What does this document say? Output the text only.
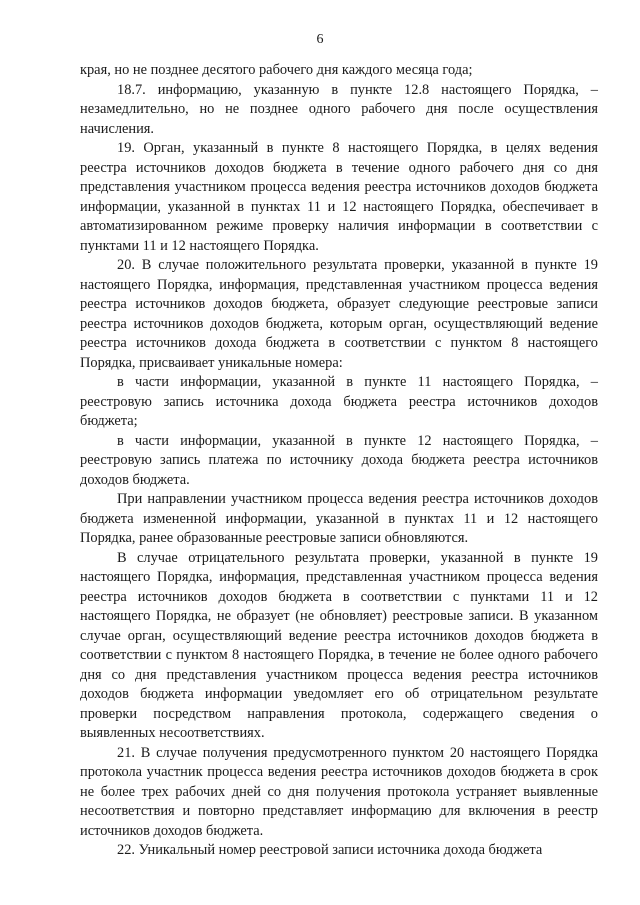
6

края, но не позднее десятого рабочего дня каждого месяца года;

18.7. информацию, указанную в пункте 12.8 настоящего Порядка, – незамедлительно, но не позднее одного рабочего дня после осуществления начисления.

19. Орган, указанный в пункте 8 настоящего Порядка, в целях ведения реестра источников доходов бюджета в течение одного рабочего дня со дня представления участником процесса ведения реестра источников доходов бюджета информации, указанной в пунктах 11 и 12 настоящего Порядка, обеспечивает в автоматизированном режиме проверку наличия информации в соответствии с пунктами 11 и 12 настоящего Порядка.

20. В случае положительного результата проверки, указанной в пункте 19 настоящего Порядка, информация, представленная участником процесса ведения реестра источников доходов бюджета, образует следующие реестровые записи реестра источников доходов бюджета, которым орган, осуществляющий ведение реестра источников дохода бюджета в соответствии с пунктом 8 настоящего Порядка, присваивает уникальные номера:

в части информации, указанной в пункте 11 настоящего Порядка, – реестровую запись источника дохода бюджета реестра источников доходов бюджета;

в части информации, указанной в пункте 12 настоящего Порядка, – реестровую запись платежа по источнику дохода бюджета реестра источников доходов бюджета.

При направлении участником процесса ведения реестра источников доходов бюджета измененной информации, указанной в пунктах 11 и 12 настоящего Порядка, ранее образованные реестровые записи обновляются.

В случае отрицательного результата проверки, указанной в пункте 19 настоящего Порядка, информация, представленная участником процесса ведения реестра источников доходов бюджета в соответствии с пунктами 11 и 12 настоящего Порядка, не образует (не обновляет) реестровые записи. В указанном случае орган, осуществляющий ведение реестра источников доходов бюджета в соответствии с пунктом 8 настоящего Порядка, в течение не более одного рабочего дня со дня представления участником процесса ведения реестра источников доходов бюджета информации уведомляет его об отрицательном результате проверки посредством направления протокола, содержащего сведения о выявленных несоответствиях.

21. В случае получения предусмотренного пунктом 20 настоящего Порядка протокола участник процесса ведения реестра источников доходов бюджета в срок не более трех рабочих дней со дня получения протокола устраняет выявленные несоответствия и повторно представляет информацию для включения в реестр источников доходов бюджета.

22. Уникальный номер реестровой записи источника дохода бюджета
